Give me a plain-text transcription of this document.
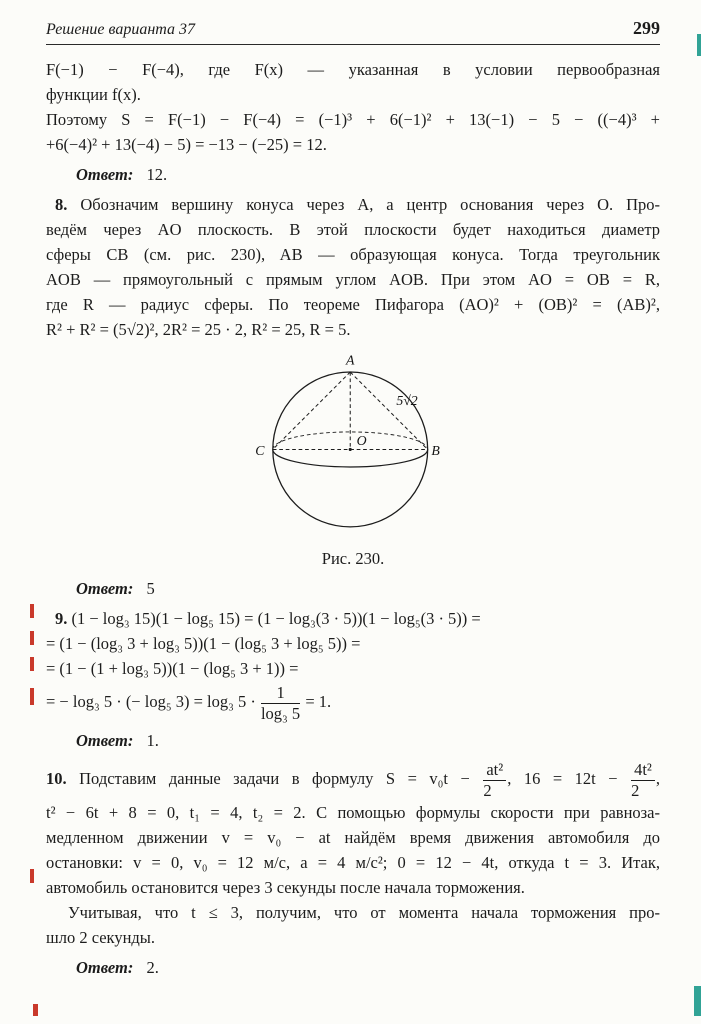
Решение варианта 37	299
F(−1) − F(−4), где F(x) — указанная в условии первообразная
функции f(x).
Поэтому S = F(−1) − F(−4) = (−1)³ + 6(−1)² + 13(−1) − 5 − ((−4)³ +
+6(−4)² + 13(−4) − 5) = −13 − (−25) = 12.

Ответ: 12.

8. Обозначим вершину конуса через A, а центр основания через O. Про-
ведём через AO плоскость. В этой плоскости будет находиться диаметр
сферы CB (см. рис. 230), AB — образующая конуса. Тогда треугольник
AOB — прямоугольный с прямым углом AOB. При этом AO = OB = R,
где R — радиус сферы. По теореме Пифагора (AO)² + (OB)² = (AB)²,
R² + R² = (5√2)², 2R² = 25 · 2, R² = 25, R = 5.
A
O
C	B
5√2
Рис. 230.

Ответ: 5

9. (1 − log₃ 15)(1 − log₅ 15) = (1 − log₃(3 · 5))(1 − log₅(3 · 5)) =
= (1 − (log₃ 3 + log₃ 5))(1 − (log₅ 3 + log₅ 5)) =
= (1 − (1 + log₃ 5))(1 − (log₅ 3 + 1)) =
= − log₃ 5 · (− log₅ 3) = log₃ $5 \cdot \frac{1}{\text{log₃ 5}} = 1$.

Ответ: 1.

10. Подставим данные задачи в формулу $S = v_0t - \frac{\text{at²}}{2}$ , $16 = 12t - \frac{\text{4t²}}{2}$ ,
t² − 6t + 8 = 0, t₁ = 4, t₂ = 2. С помощью формулы скорости при равноза-
медленном движении v = v₀ − at найдём время движения автомобиля до
остановки: v = 0, v₀ = 12 м/с, a = 4 м/с²; 0 = 12 − 4t, откуда t = 3. Итак,
автомобиль остановится через 3 секунды после начала торможения.
Учитывая, что t ≤ 3, получим, что от момента начала торможения про-
шло 2 секунды.

Ответ: 2.
